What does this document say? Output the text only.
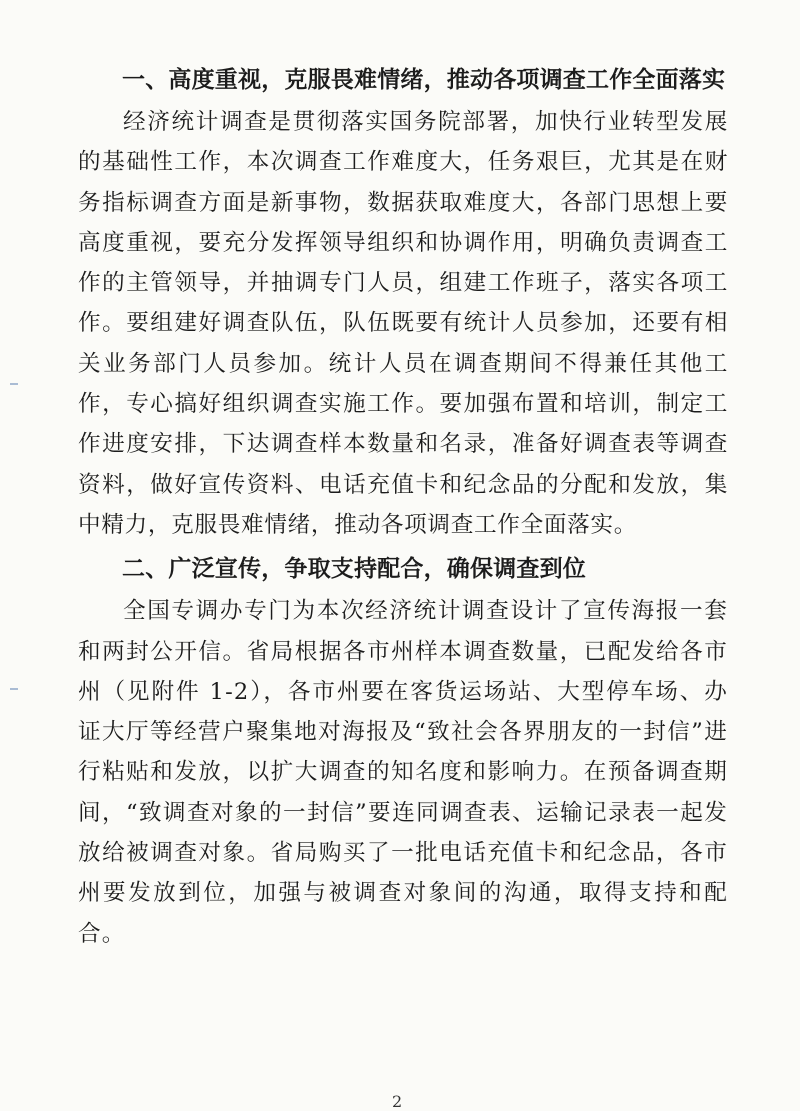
一、高度重视，克服畏难情绪，推动各项调查工作全面落实

经济统计调查是贯彻落实国务院部署，加快行业转型发展的基础性工作，本次调查工作难度大，任务艰巨，尤其是在财务指标调查方面是新事物，数据获取难度大，各部门思想上要高度重视，要充分发挥领导组织和协调作用，明确负责调查工作的主管领导，并抽调专门人员，组建工作班子，落实各项工作。要组建好调查队伍，队伍既要有统计人员参加，还要有相关业务部门人员参加。统计人员在调查期间不得兼任其他工作，专心搞好组织调查实施工作。要加强布置和培训，制定工作进度安排，下达调查样本数量和名录，准备好调查表等调查资料，做好宣传资料、电话充值卡和纪念品的分配和发放，集中精力，克服畏难情绪，推动各项调查工作全面落实。

二、广泛宣传，争取支持配合，确保调查到位

全国专调办专门为本次经济统计调查设计了宣传海报一套和两封公开信。省局根据各市州样本调查数量，已配发给各市州（见附件 1-2），各市州要在客货运场站、大型停车场、办证大厅等经营户聚集地对海报及“致社会各界朋友的一封信”进行粘贴和发放，以扩大调查的知名度和影响力。在预备调查期间，“致调查对象的一封信”要连同调查表、运输记录表一起发放给被调查对象。省局购买了一批电话充值卡和纪念品，各市州要发放到位，加强与被调查对象间的沟通，取得支持和配合。

2
